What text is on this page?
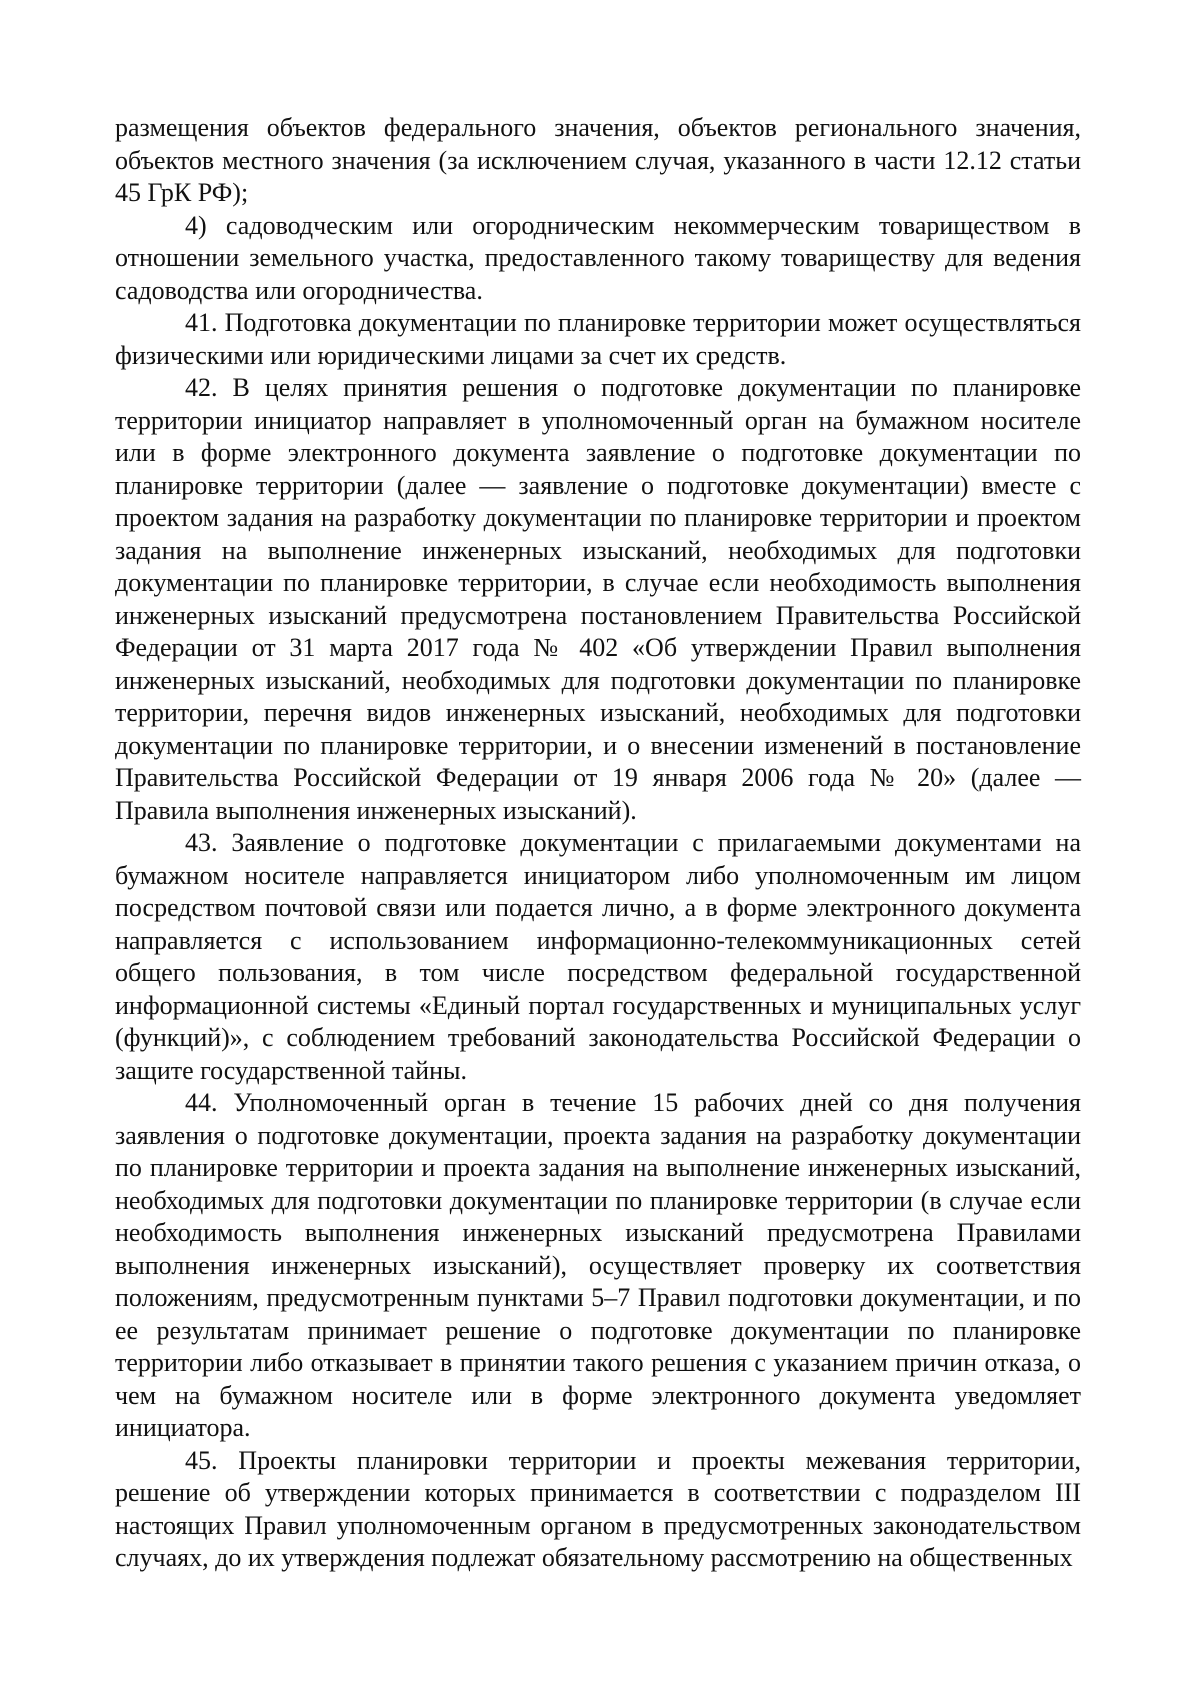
размещения объектов федерального значения, объектов регионального значения, объектов местного значения (за исключением случая, указанного в части 12.12 статьи 45 ГрК РФ);

4) садоводческим или огородническим некоммерческим товариществом в отношении земельного участка, предоставленного такому товариществу для ведения садоводства или огородничества.

41. Подготовка документации по планировке территории может осуществляться физическими или юридическими лицами за счет их средств.

42. В целях принятия решения о подготовке документации по планировке территории инициатор направляет в уполномоченный орган на бумажном носителе или в форме электронного документа заявление о подготовке документации по планировке территории (далее — заявление о подготовке документации) вместе с проектом задания на разработку документации по планировке территории и проектом задания на выполнение инженерных изысканий, необходимых для подготовки документации по планировке территории, в случае если необходимость выполнения инженерных изысканий предусмотрена постановлением Правительства Российской Федерации от 31 марта 2017 года № 402 «Об утверждении Правил выполнения инженерных изысканий, необходимых для подготовки документации по планировке территории, перечня видов инженерных изысканий, необходимых для подготовки документации по планировке территории, и о внесении изменений в постановление Правительства Российской Федерации от 19 января 2006 года № 20» (далее — Правила выполнения инженерных изысканий).

43. Заявление о подготовке документации с прилагаемыми документами на бумажном носителе направляется инициатором либо уполномоченным им лицом посредством почтовой связи или подается лично, а в форме электронного документа направляется с использованием информационно-телекоммуникационных сетей общего пользования, в том числе посредством федеральной государственной информационной системы «Единый портал государственных и муниципальных услуг (функций)», с соблюдением требований законодательства Российской Федерации о защите государственной тайны.

44. Уполномоченный орган в течение 15 рабочих дней со дня получения заявления о подготовке документации, проекта задания на разработку документации по планировке территории и проекта задания на выполнение инженерных изысканий, необходимых для подготовки документации по планировке территории (в случае если необходимость выполнения инженерных изысканий предусмотрена Правилами выполнения инженерных изысканий), осуществляет проверку их соответствия положениям, предусмотренным пунктами 5–7 Правил подготовки документации, и по ее результатам принимает решение о подготовке документации по планировке территории либо отказывает в принятии такого решения с указанием причин отказа, о чем на бумажном носителе или в форме электронного документа уведомляет инициатора.

45. Проекты планировки территории и проекты межевания территории, решение об утверждении которых принимается в соответствии с подразделом III настоящих Правил уполномоченным органом в предусмотренных законодательством случаях, до их утверждения подлежат обязательному рассмотрению на общественных
